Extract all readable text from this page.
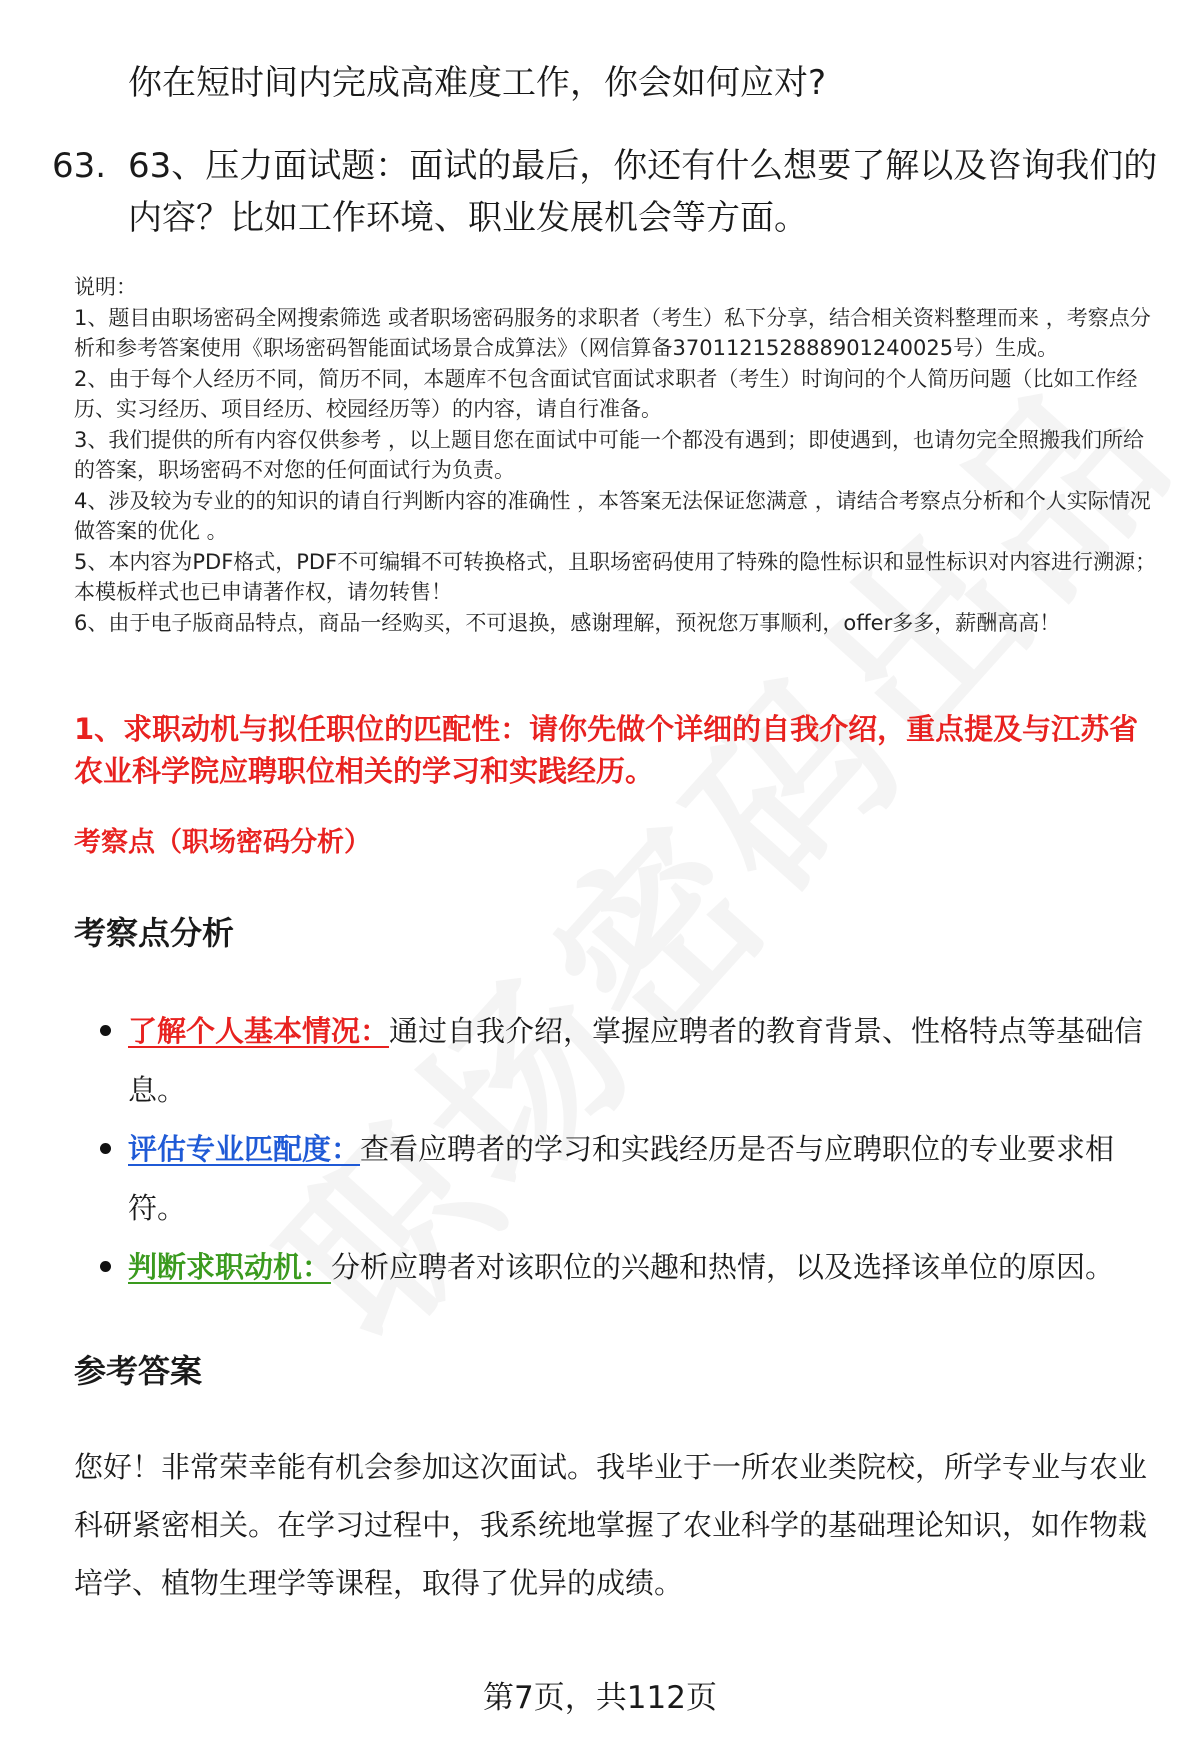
你在短时间内完成高难度工作，你会如何应对?
63. 63、压力面试题：面试的最后，你还有什么想要了解以及咨询我们的内容？比如工作环境、职业发展机会等方面。
说明：
1、题目由职场密码全网搜索筛选 或者职场密码服务的求职者（考生）私下分享，结合相关资料整理而来 ，考察点分析和参考答案使用《职场密码智能面试场景合成算法》（网信算备370112152888901240025号）生成。
2、由于每个人经历不同，简历不同，本题库不包含面试官面试求职者（考生）时询问的个人简历问题（比如工作经历、实习经历、项目经历、校园经历等）的内容，请自行准备。
3、我们提供的所有内容仅供参考 ，以上题目您在面试中可能一个都没有遇到；即使遇到，也请勿完全照搬我们所给的答案，职场密码不对您的任何面试行为负责。
4、涉及较为专业的的知识的请自行判断内容的准确性 ，本答案无法保证您满意 ，请结合考察点分析和个人实际情况做答案的优化 。
5、本内容为PDF格式，PDF不可编辑不可转换格式，且职场密码使用了特殊的隐性标识和显性标识对内容进行溯源；本模板样式也已申请著作权，请勿转售！
6、由于电子版商品特点，商品一经购买，不可退换，感谢理解，预祝您万事顺利，offer多多，薪酬高高！
1、求职动机与拟任职位的匹配性：请你先做个详细的自我介绍，重点提及与江苏省农业科学院应聘职位相关的学习和实践经历。
考察点（职场密码分析）
考察点分析
了解个人基本情况：通过自我介绍，掌握应聘者的教育背景、性格特点等基础信息。
评估专业匹配度：查看应聘者的学习和实践经历是否与应聘职位的专业要求相符。
判断求职动机：分析应聘者对该职位的兴趣和热情，以及选择该单位的原因。
参考答案
您好！非常荣幸能有机会参加这次面试。我毕业于一所农业类院校，所学专业与农业科研紧密相关。在学习过程中，我系统地掌握了农业科学的基础理论知识，如作物栽培学、植物生理学等课程，取得了优异的成绩。
第7页，共112页
